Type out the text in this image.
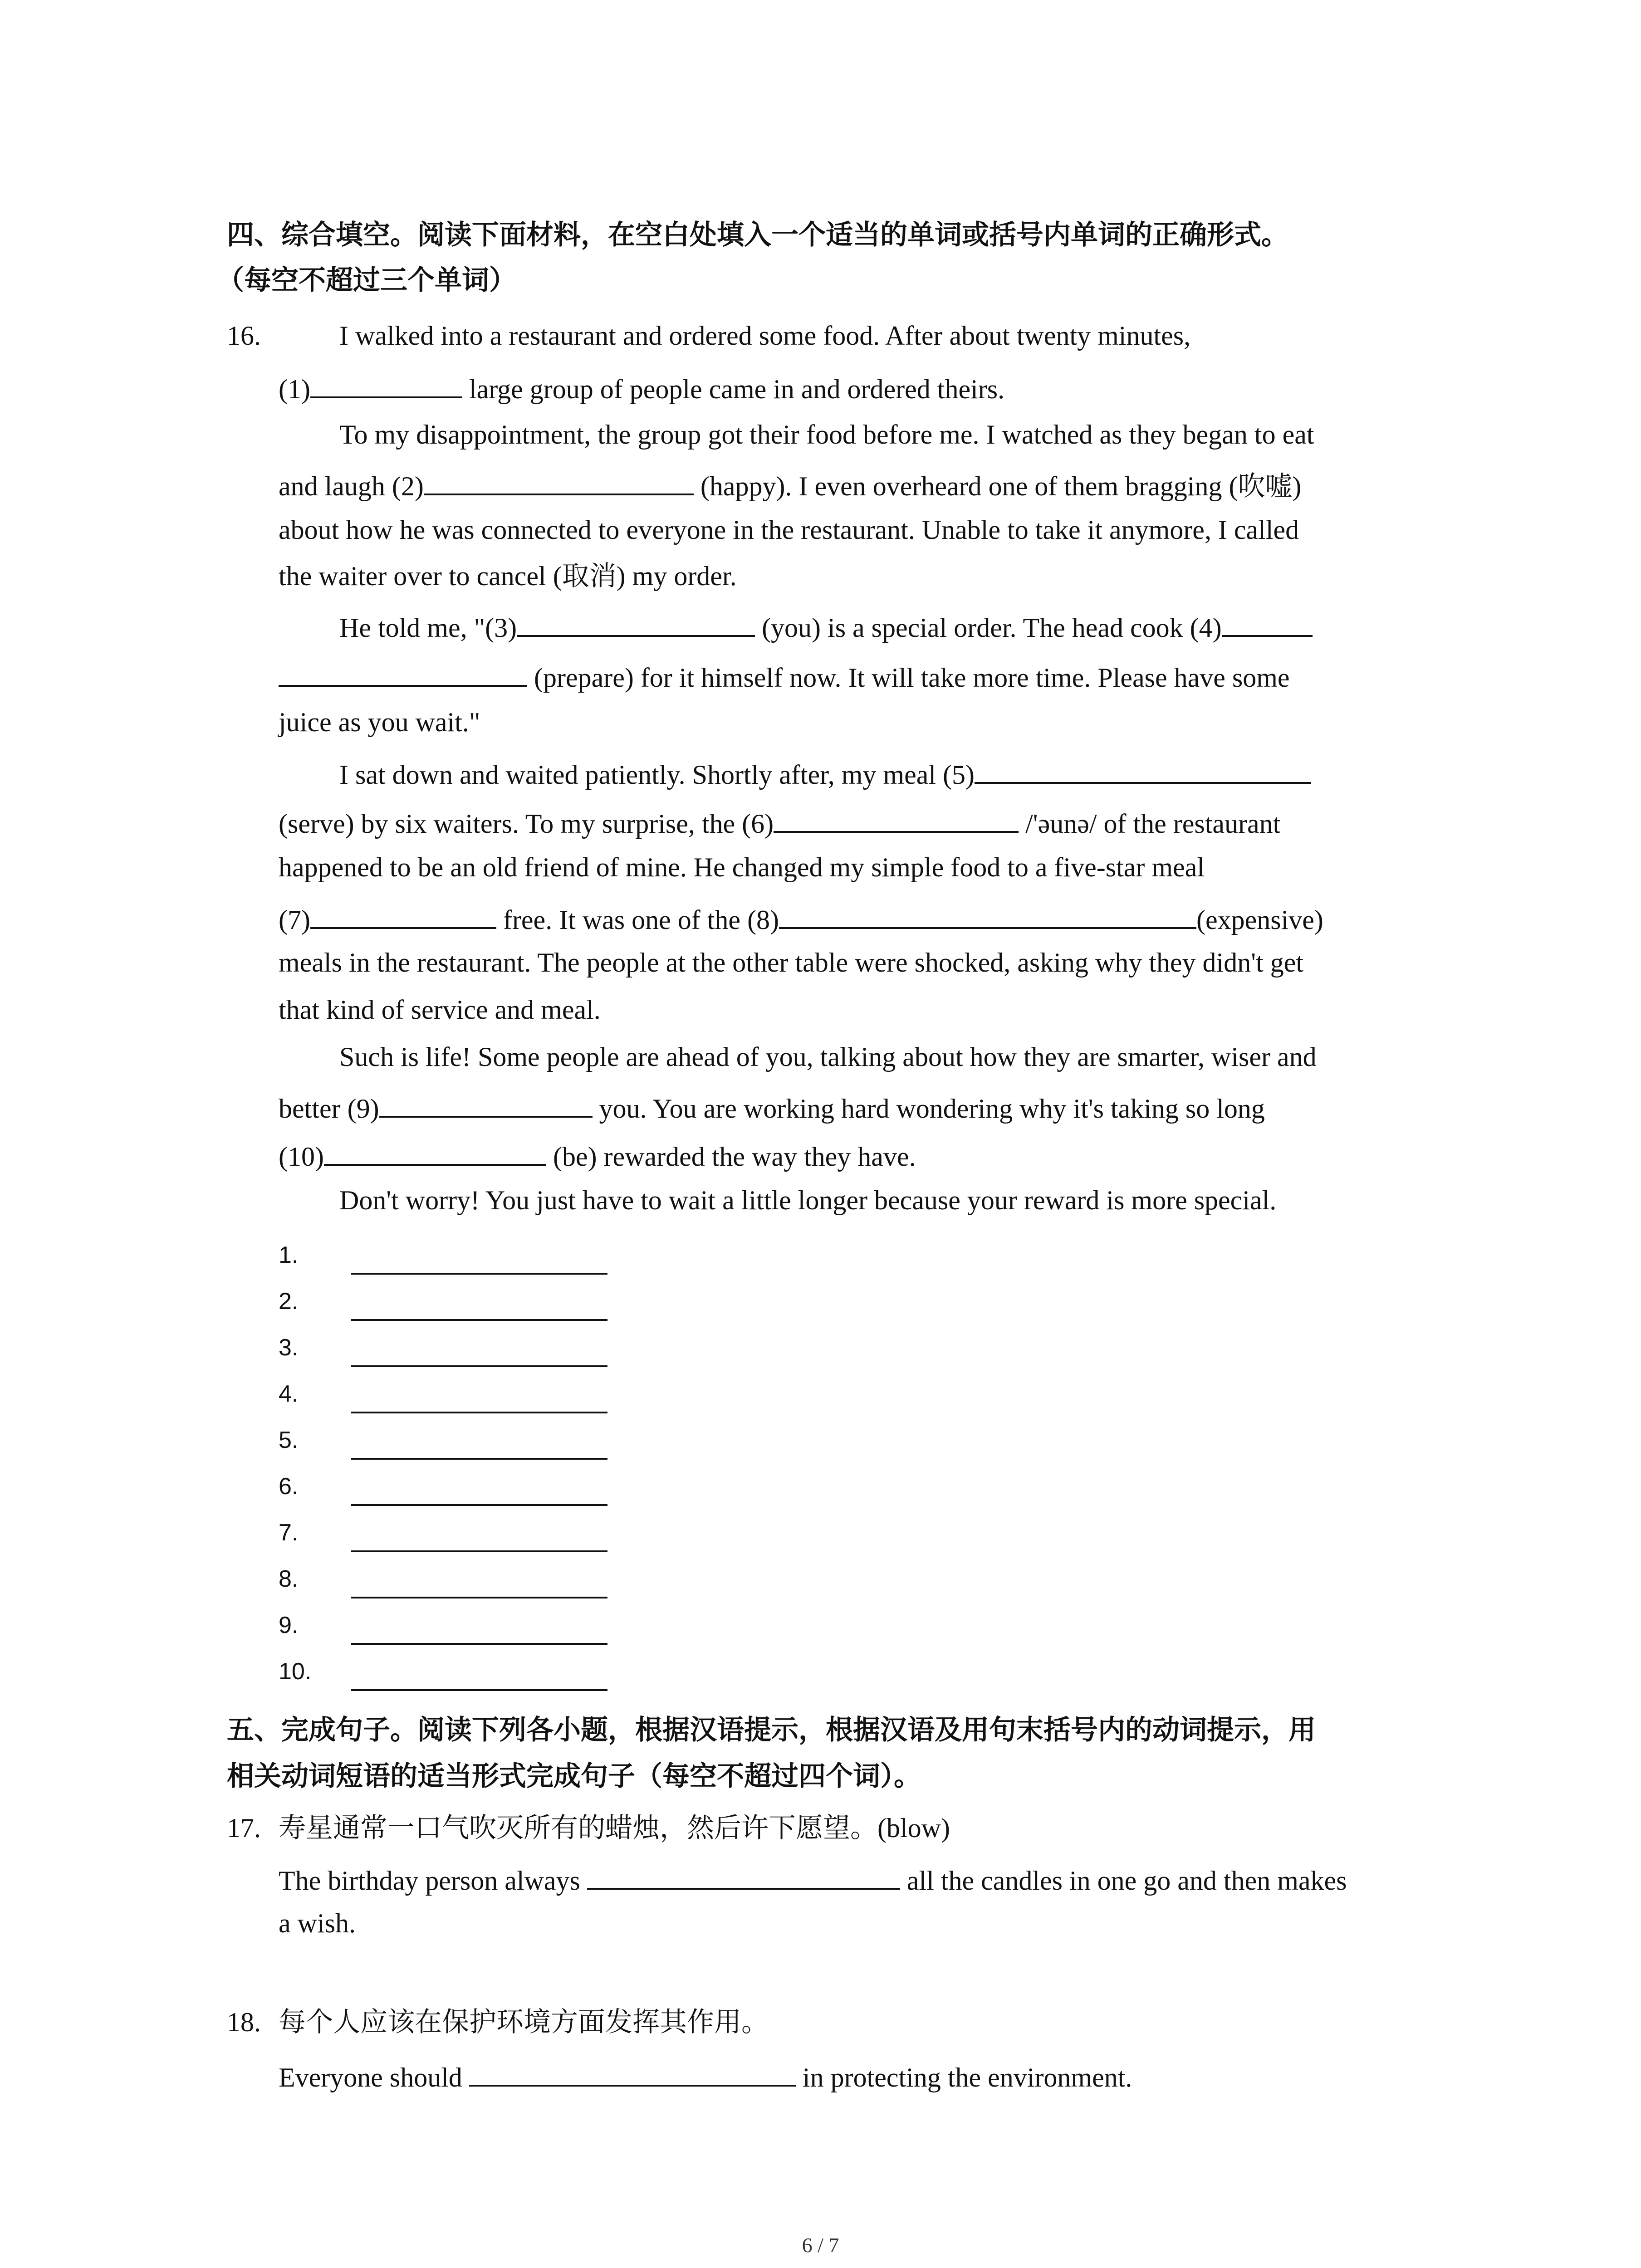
四、综合填空。阅读下面材料，在空白处填入一个适当的单词或括号内单词的正确形式。
（每空不超过三个单词）
16.	I walked into a restaurant and ordered some food. After about twenty minutes,
(1)	large group of people came in and ordered theirs.
To my disappointment, the group got their food before me. I watched as they began to eat
and laugh (2)	(happy). I even overheard one of them bragging (吹嘘)
about how he was connected to everyone in the restaurant. Unable to take it anymore, I called
the waiter over to cancel (取消) my order.
He told me, "(3)	(you) is a special order. The head cook (4)
(prepare) for it himself now. It will take more time. Please have some
juice as you wait."
I sat down and waited patiently. Shortly after, my meal (5)
(serve) by six waiters. To my surprise, the (6)	/'əunə/ of the restaurant
happened to be an old friend of mine. He changed my simple food to a five-star meal
(7)	free. It was one of the (8)	(expensive)
meals in the restaurant. The people at the other table were shocked, asking why they didn't get
that kind of service and meal.
Such is life! Some people are ahead of you, talking about how they are smarter, wiser and
better (9)	you. You are working hard wondering why it's taking so long
(10)	(be) rewarded the way they have.
Don't worry! You just have to wait a little longer because your reward is more special.
1.
2.
3.
4.
5.
6.
7.
8.
9.
10.
五、完成句子。阅读下列各小题，根据汉语提示，根据汉语及用句末括号内的动词提示，用
相关动词短语的适当形式完成句子（每空不超过四个词）。
17. 寿星通常一口气吹灭所有的蜡烛，然后许下愿望。(blow)
The birthday person always	all the candles in one go and then makes
a wish.
18. 每个人应该在保护环境方面发挥其作用。
Everyone should	in protecting the environment.
6 / 7
